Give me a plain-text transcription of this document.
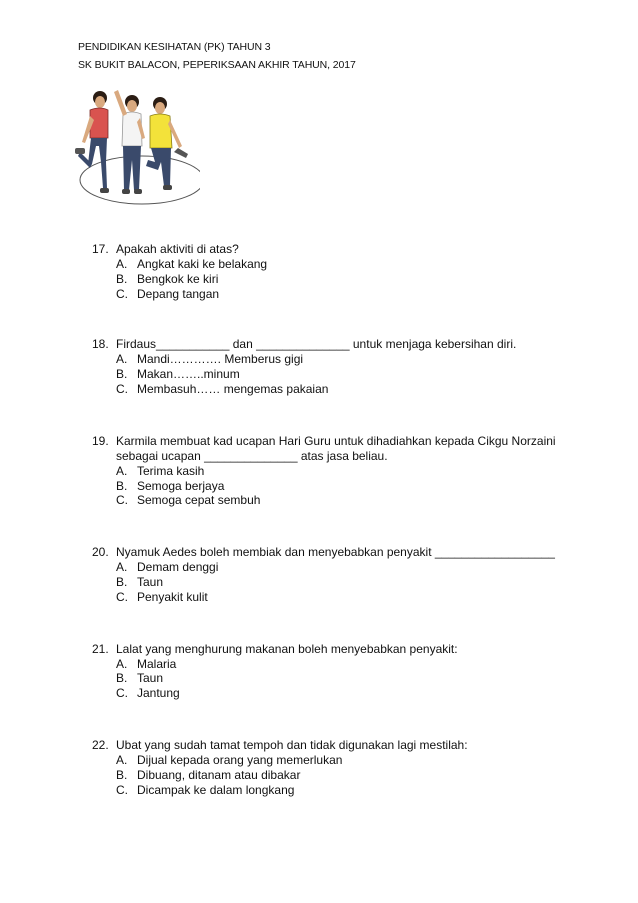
PENDIDIKAN KESIHATAN (PK) TAHUN 3
SK BUKIT BALACON, PEPERIKSAAN AKHIR TAHUN, 2017
17. Apakah aktiviti di atas?
A. Angkat kaki ke belakang
B. Bengkok ke kiri
C. Depang tangan
18. Firdaus___________ dan ______________ untuk menjaga kebersihan diri.
A. Mandi…………. Memberus gigi
B. Makan……..minum
C. Membasuh…… mengemas pakaian
19. Karmila membuat kad ucapan Hari Guru untuk dihadiahkan kepada Cikgu Norzaini
sebagai ucapan ______________ atas jasa beliau.
A. Terima kasih
B. Semoga berjaya
C. Semoga cepat sembuh
20. Nyamuk Aedes boleh membiak dan menyebabkan penyakit __________________
A. Demam denggi
B. Taun
C. Penyakit kulit
21. Lalat yang menghurung makanan boleh menyebabkan penyakit:
A. Malaria
B. Taun
C. Jantung
22. Ubat yang sudah tamat tempoh dan tidak digunakan lagi mestilah:
A. Dijual kepada orang yang memerlukan
B. Dibuang, ditanam atau dibakar
C. Dicampak ke dalam longkang
